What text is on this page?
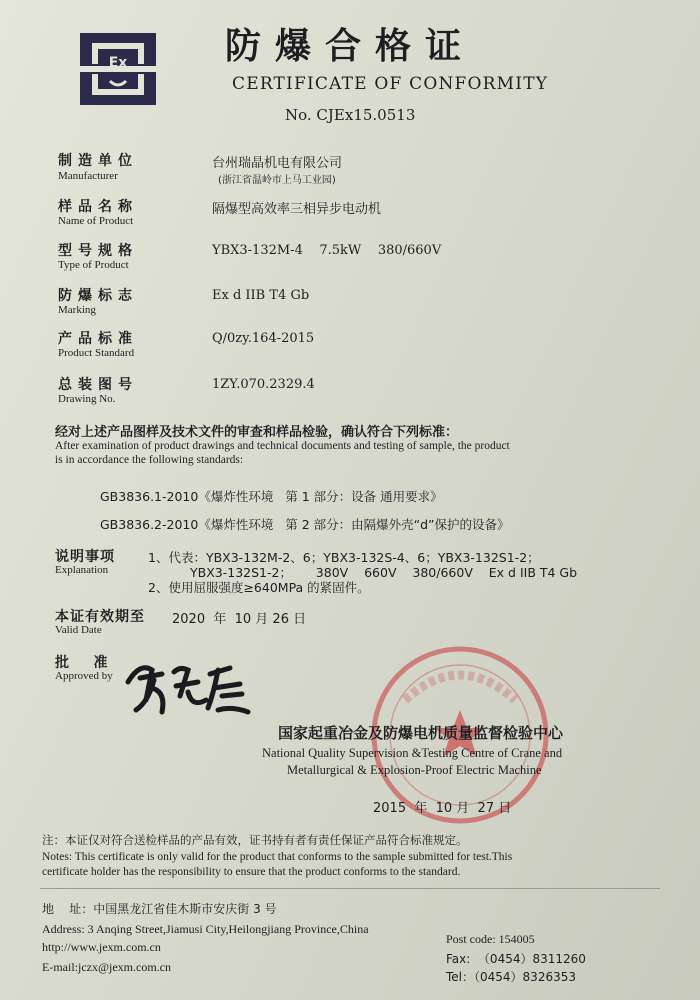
Ex	防爆合格证
CERTIFICATE OF CONFORMITY
No. CJEx15.0513
制造单位
Manufacturer
台州瑞晶机电有限公司
(浙江省温岭市上马工业园)
样品名称
Name of Product
隔爆型高效率三相异步电动机
型号规格
Type of Product
YBX3-132M-4    7.5kW    380/660V
防爆标志
Marking
Ex d IIB T4 Gb
产品标准
Product Standard
Q/0zy.164-2015
总装图号
Drawing No.
1ZY.070.2329.4
经对上述产品图样及技术文件的审查和样品检验，确认符合下列标准：
After examination of product drawings and technical documents and testing of sample, the product
is in accordance the following standards:
GB3836.1-2010《爆炸性环境   第 1 部分：设备 通用要求》
GB3836.2-2010《爆炸性环境   第 2 部分：由隔爆外壳“d”保护的设备》
说明事项
Explanation
1、代表：YBX3-132M-2、6；YBX3-132S-4、6；YBX3-132S1-2；
YBX3-132S1-2；      380V    660V    380/660V    Ex d IIB T4 Gb
2、使用屈服强度≥640MPa 的紧固件。
本证有效期至
Valid Date
2020  年  10 月 26 日
批    准
Approved by
国家起重冶金及防爆电机质量监督检验中心
National Quality Supervision &Testing Centre of Crane and
Metallurgical & Explosion-Proof Electric Machine
2015  年  10 月  27 日
注：本证仅对符合送检样品的产品有效，证书持有者有责任保证产品符合标准规定。
Notes: This certificate is only valid for the product that conforms to the sample submitted for test.This
certificate holder has the responsibility to ensure that the product conforms to the standard.
地    址：中国黑龙江省佳木斯市安庆街 3 号
Address: 3 Anqing Street,Jiamusi City,Heilongjiang Province,China
http://www.jexm.com.cn
E-mail:jczx@jexm.com.cn
Post code: 154005
Fax:  （0454）8311260
Tel：（0454）8326353
